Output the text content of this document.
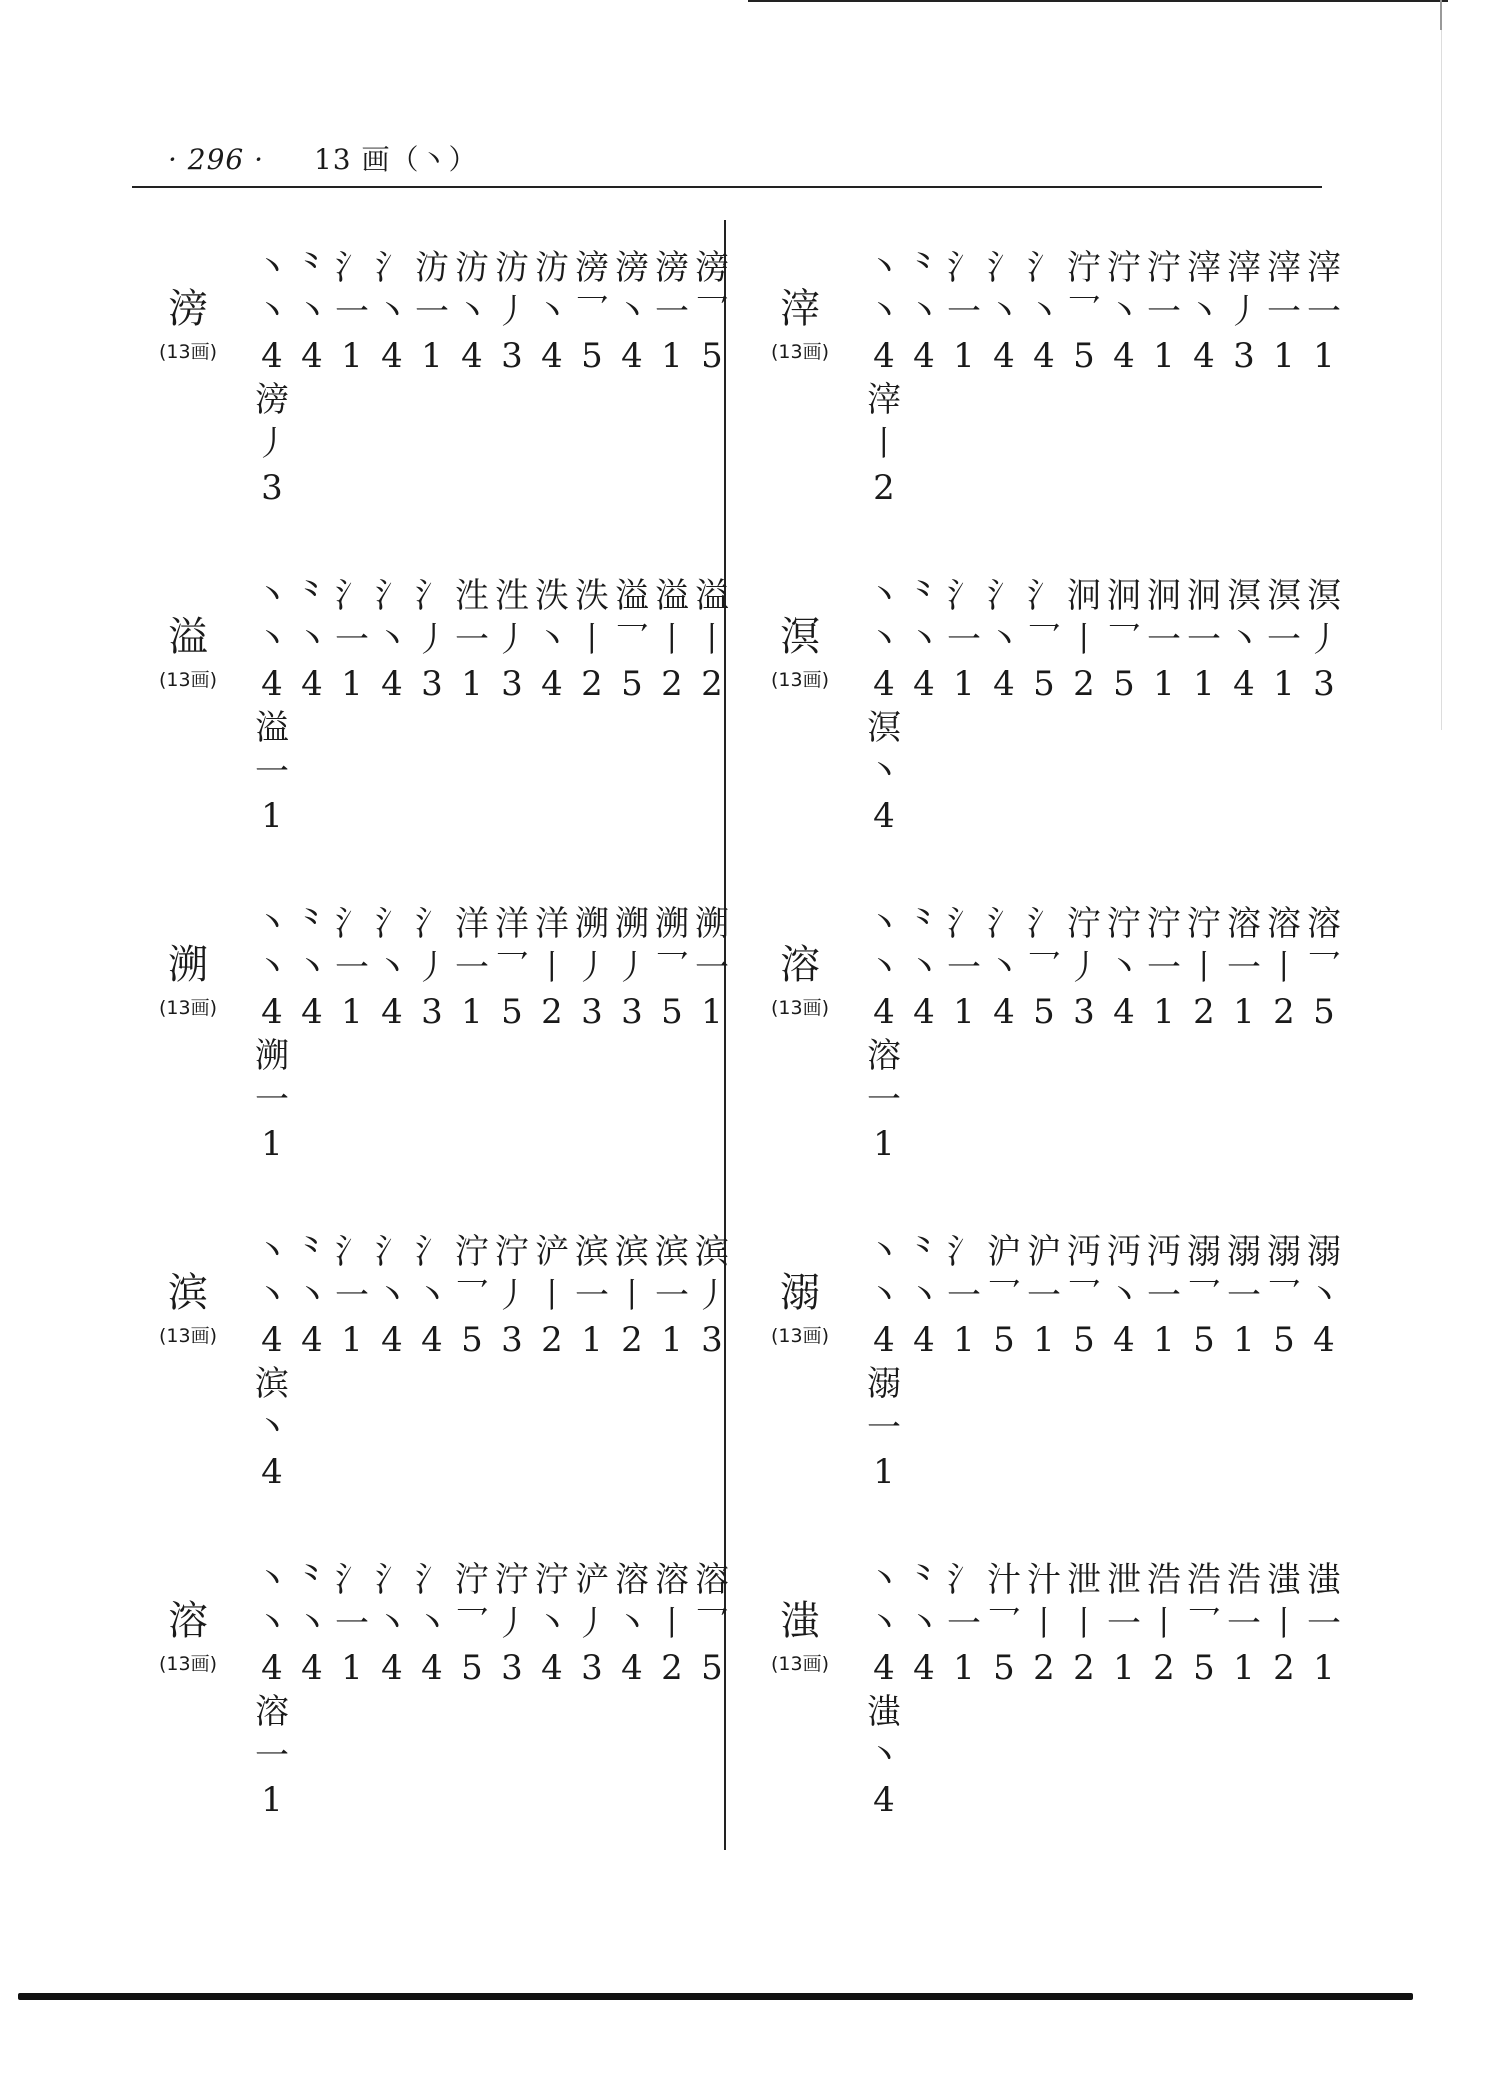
· 296 · 13 画（丶）
滂
(13画)
丶 ⺀ 氵 氵 汸 汸 汸 汸 滂 滂 滂 滂
丶 丶 一 丶 一 丶 丿 丶 乛 丶 一 乛
4 4 1 4 1 4 3 4 5 4 1 5
滂
丿
3
溢
(13画)
丶 ⺀ 氵 氵 氵 泩 泩 泆 泆 溢 溢 溢
丶 丶 一 丶 丿 一 丿 丶 丨 乛 丨 丨
4 4 1 4 3 1 3 4 2 5 2 2
溢
一
1
溯
(13画)
丶 ⺀ 氵 氵 氵 洋 洋 洋 溯 溯 溯 溯
丶 丶 一 丶 丿 一 乛 丨 丿 丿 乛 一
4 4 1 4 3 1 5 2 3 3 5 1
溯
一
1
滨
(13画)
丶 ⺀ 氵 氵 氵 泞 泞 浐 滨 滨 滨 滨
丶 丶 一 丶 丶 乛 丿 丨 一 丨 一 丿
4 4 1 4 4 5 3 2 1 2 1 3
滨
丶
4
溶
(13画)
丶 ⺀ 氵 氵 氵 泞 泞 泞 浐 溶 溶 溶
丶 丶 一 丶 丶 乛 丿 丶 丿 丶 丨 乛
4 4 1 4 4 5 3 4 3 4 2 5
溶
一
1
滓
(13画)
丶 ⺀ 氵 氵 氵 泞 泞 泞 滓 滓 滓 滓
丶 丶 一 丶 丶 乛 丶 一 丶 丿 一 一
4 4 1 4 4 5 4 1 4 3 1 1
滓
丨
2
溟
(13画)
丶 ⺀ 氵 氵 氵 泂 泂 泂 泂 溟 溟 溟
丶 丶 一 丶 乛 丨 乛 一 一 丶 一 丿
4 4 1 4 5 2 5 1 1 4 1 3
溟
丶
4
溶
(13画)
丶 ⺀ 氵 氵 氵 泞 泞 泞 泞 溶 溶 溶
丶 丶 一 丶 乛 丿 丶 一 丨 一 丨 乛
4 4 1 4 5 3 4 1 2 1 2 5
溶
一
1
溺
(13画)
丶 ⺀ 氵 沪 沪 沔 沔 沔 溺 溺 溺 溺
丶 丶 一 乛 一 乛 丶 一 乛 一 乛 丶
4 4 1 5 1 5 4 1 5 1 5 4
溺
一
1
滍
(13画)
丶 ⺀ 氵 汁 汁 泄 泄 浩 浩 浩 滍 滍
丶 丶 一 乛 丨 丨 一 丨 乛 一 丨 一
4 4 1 5 2 2 1 2 5 1 2 1
滍
丶
4
